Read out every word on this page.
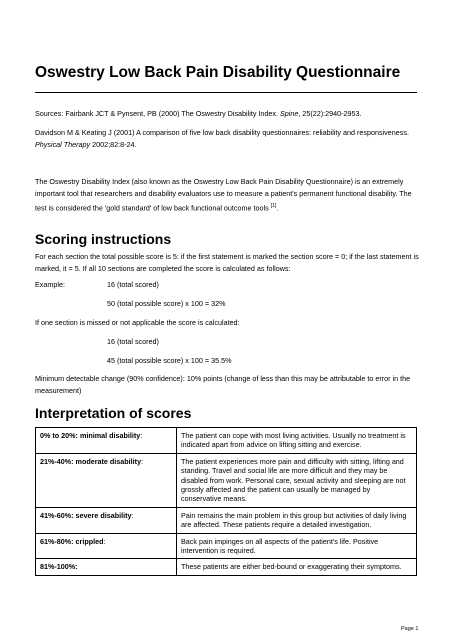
Oswestry Low Back Pain Disability Questionnaire

Sources: Fairbank JCT & Pynsent, PB (2000) The Oswestry Disability Index. Spine, 25(22):2940-2953.

Davidson M & Keating J (2001) A comparison of five low back disability questionnaires: reliability and responsiveness. Physical Therapy 2002;82:8-24.

The Oswestry Disability Index (also known as the Oswestry Low Back Pain Disability Questionnaire) is an extremely important tool that researchers and disability evaluators use to measure a patient's permanent functional disability. The test is considered the 'gold standard' of low back functional outcome tools [1].

Scoring instructions

For each section the total possible score is 5: if the first statement is marked the section score = 0; if the last statement is marked, it = 5. If all 10 sections are completed the score is calculated as follows:

Example:	16 (total scored)
50 (total possible score) x 100 = 32%
If one section is missed or not applicable the score is calculated:
16 (total scored)
45 (total possible score) x 100 = 35.5%

Minimum detectable change (90% confidence): 10% points (change of less than this may be attributable to error in the measurement)

Interpretation of scores
0% to 20%: minimal disability:	The patient can cope with most living activities. Usually no treatment is indicated apart from advice on lifting sitting and exercise.
21%-40%: moderate disability:	The patient experiences more pain and difficulty with sitting, lifting and standing. Travel and social life are more difficult and they may be disabled from work. Personal care, sexual activity and sleeping are not grossly affected and the patient can usually be managed by conservative means.
41%-60%: severe disability:	Pain remains the main problem in this group but activities of daily living are affected. These patients require a detailed investigation.
61%-80%: crippled:	Back pain impinges on all aspects of the patient's life. Positive intervention is required.
81%-100%:	These patients are either bed-bound or exaggerating their symptoms.
Page 1
